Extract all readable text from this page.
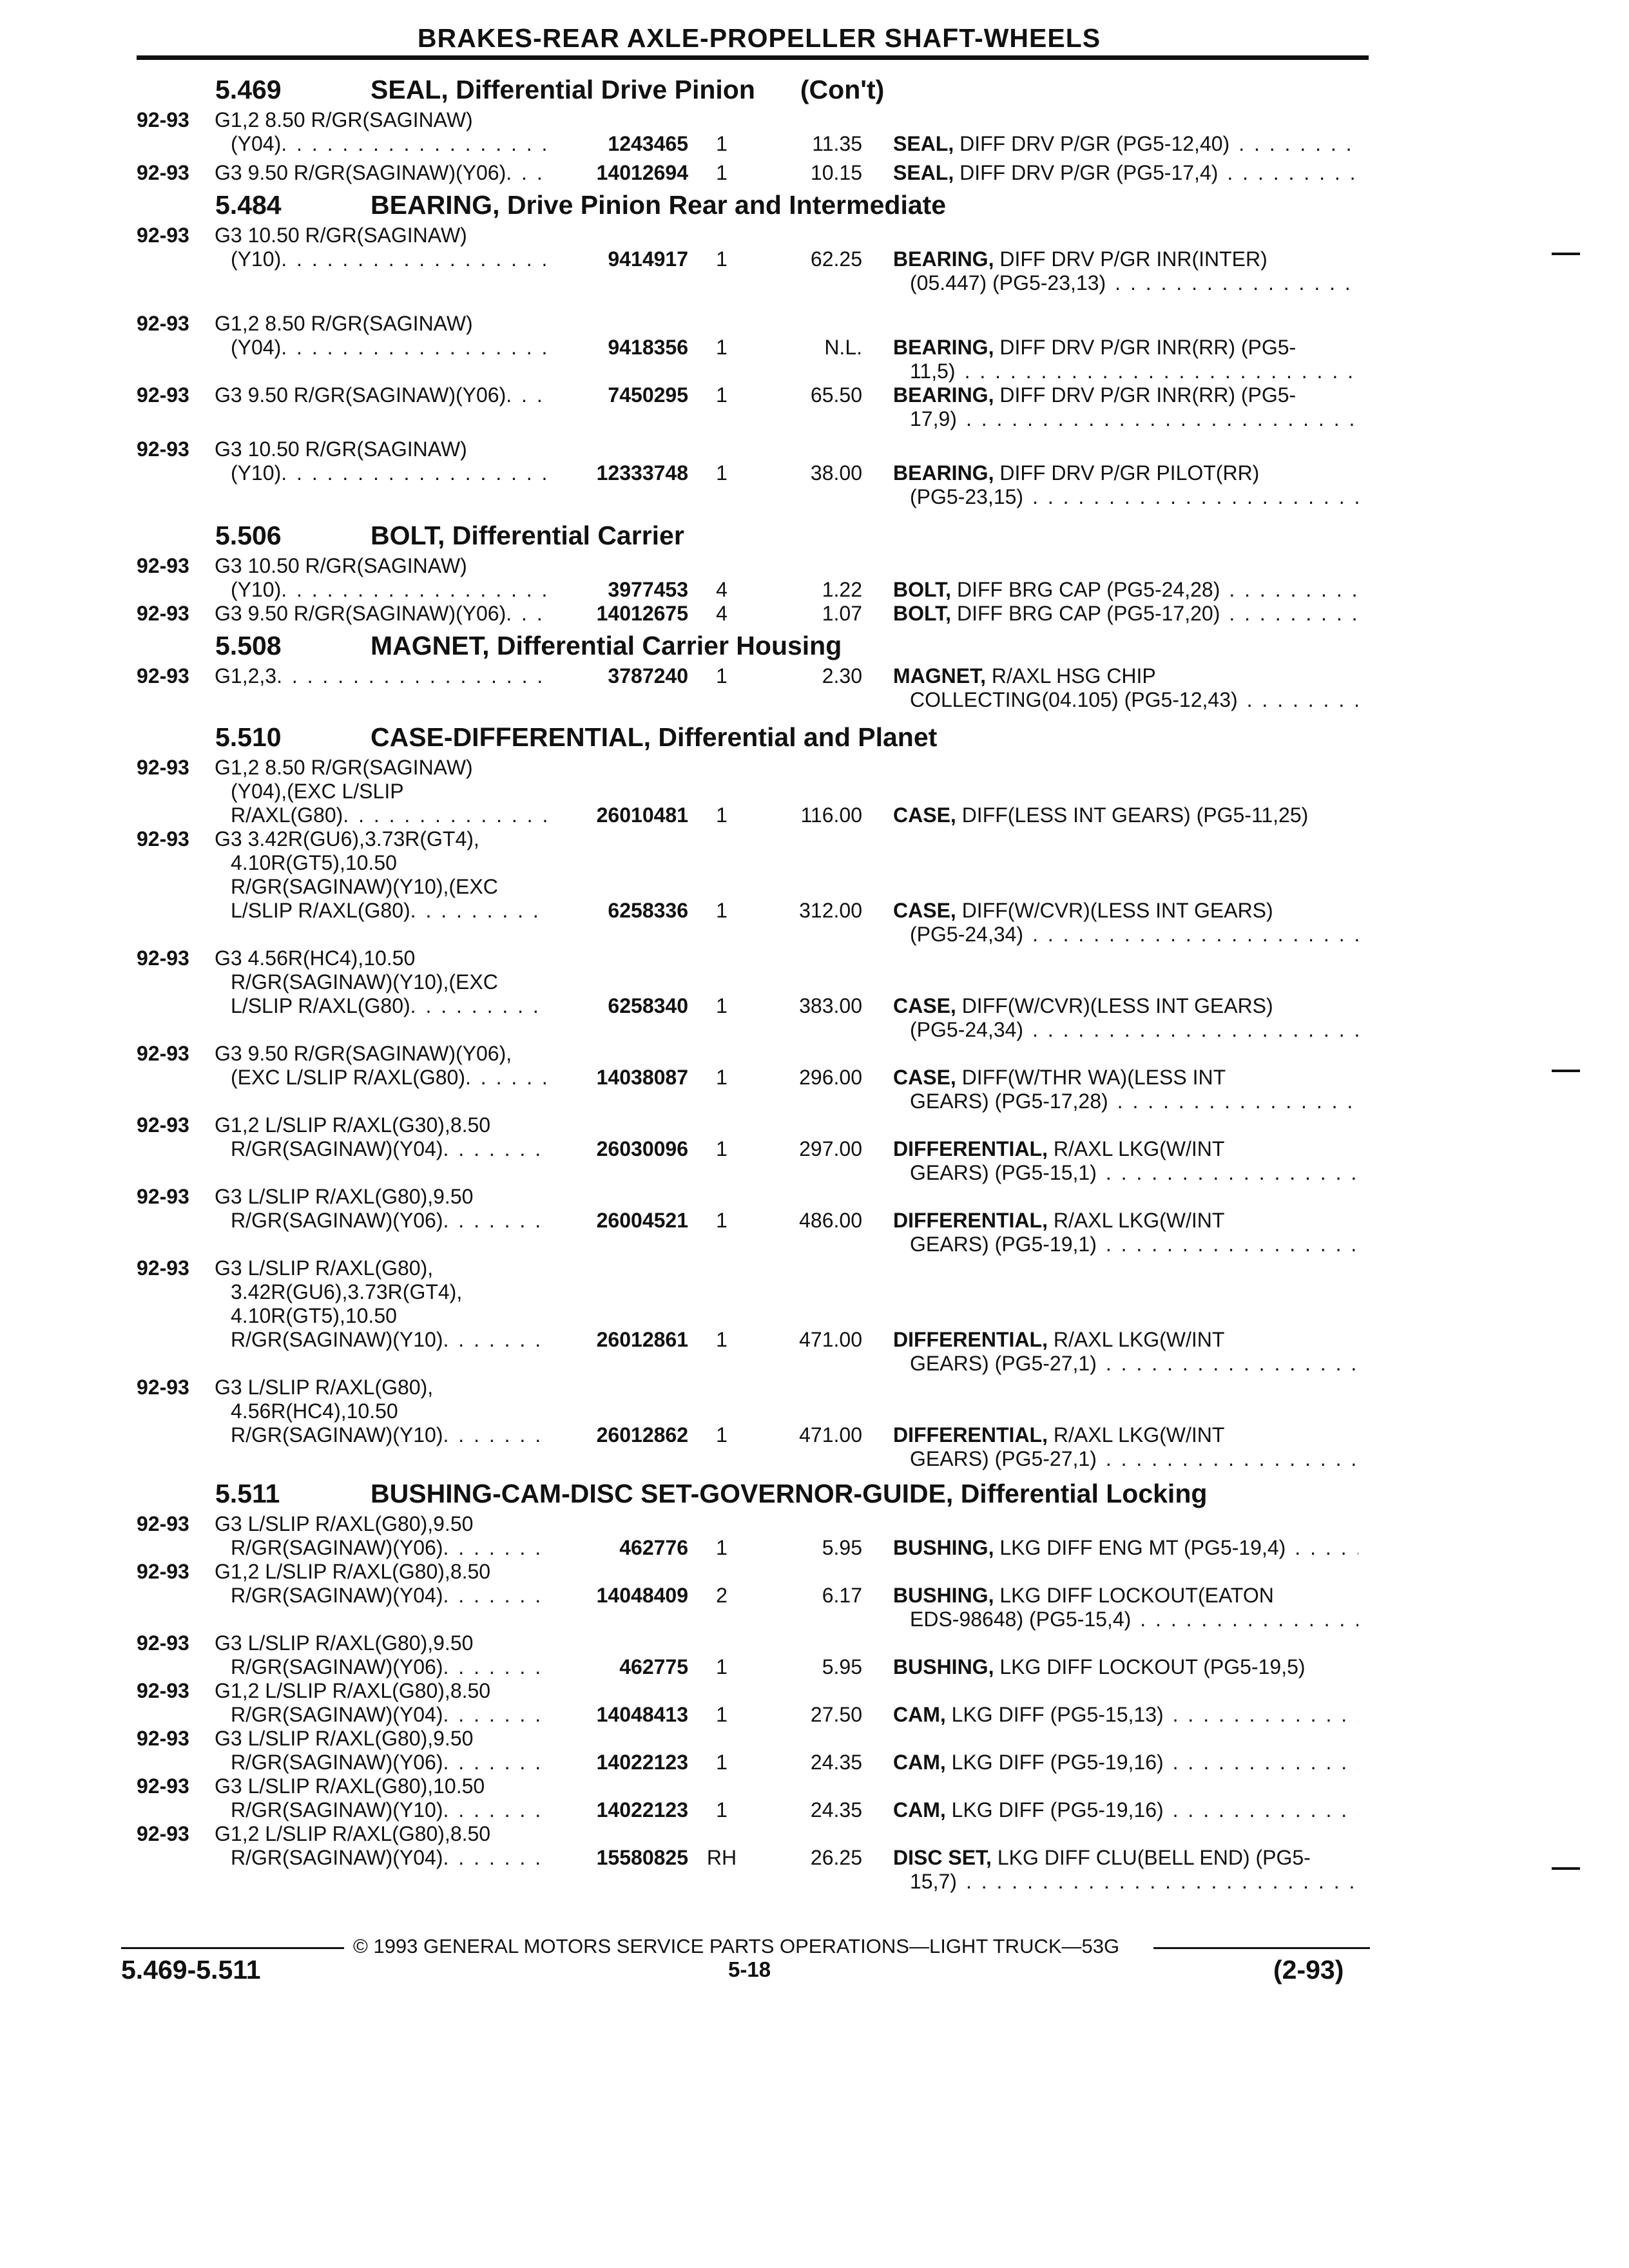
BRAKES-REAR AXLE-PROPELLER SHAFT-WHEELS
5.469	SEAL, Differential Drive Pinion (Con't)
92-93 G1,2 8.50 R/GR(SAGINAW)
(Y04) . . .	1243465	1	11.35 SEAL,
DIFF DRV P/GR (PG5-12,40)
. . .
92-93 G3 9.50 R/GR(SAGINAW)(Y06) . . .	14012694	1	10.15 SEAL,
DIFF DRV P/GR (PG5-17,4)
. . .
5.484	BEARING, Drive Pinion Rear and Intermediate
92-93 G3 10.50 R/GR(SAGINAW)
(Y10) . . .	9414917	1	62.25 BEARING,
DIFF DRV P/GR INR(INTER)
(05.447) (PG5-23,13)
. . .
92-93 G1,2 8.50 R/GR(SAGINAW)
(Y04) . . .	9418356	1	N.L. BEARING,
DIFF DRV P/GR INR(RR) (PG5-
11,5)
. . .
92-93 G3 9.50 R/GR(SAGINAW)(Y06) . . .	7450295	1	65.50 BEARING,
DIFF DRV P/GR INR(RR) (PG5-
17,9)
. . .
92-93 G3 10.50 R/GR(SAGINAW)
(Y10) . . .	12333748	1	38.00 BEARING,
DIFF DRV P/GR PILOT(RR)
(PG5-23,15)
. . .
5.506	BOLT, Differential Carrier
92-93 G3 10.50 R/GR(SAGINAW)
(Y10) . . .	3977453	4	1.22 BOLT,
DIFF BRG CAP (PG5-24,28)
. . .
92-93 G3 9.50 R/GR(SAGINAW)(Y06) . . .	14012675	4	1.07 BOLT,
DIFF BRG CAP (PG5-17,20)
. . .
5.508	MAGNET, Differential Carrier Housing
92-93 G1,2,3 . . .	3787240	1	2.30 MAGNET,
R/AXL HSG CHIP
COLLECTING(04.105) (PG5-12,43)
. . .
5.510	CASE-DIFFERENTIAL, Differential and Planet
92-93 G1,2 8.50 R/GR(SAGINAW)
(Y04),(EXC L/SLIP
R/AXL(G80) . . .	26010481	1	116.00 CASE,
DIFF(LESS INT GEARS) (PG5-11,25)
92-93 G3 3.42R(GU6),3.73R(GT4),
4.10R(GT5),10.50
R/GR(SAGINAW)(Y10),(EXC
L/SLIP R/AXL(G80) . . .	6258336	1	312.00 CASE,
DIFF(W/CVR)(LESS INT GEARS)
(PG5-24,34)
. . .
92-93 G3 4.56R(HC4),10.50
R/GR(SAGINAW)(Y10),(EXC
L/SLIP R/AXL(G80) . . .	6258340	1	383.00 CASE,
DIFF(W/CVR)(LESS INT GEARS)
(PG5-24,34)
. . .
92-93 G3 9.50 R/GR(SAGINAW)(Y06),
(EXC L/SLIP R/AXL(G80) . . .	14038087	1	296.00 CASE,
DIFF(W/THR WA)(LESS INT
GEARS) (PG5-17,28)
. . .
92-93 G1,2 L/SLIP R/AXL(G30),8.50
R/GR(SAGINAW)(Y04) . . .	26030096	1	297.00 DIFFERENTIAL,
R/AXL LKG(W/INT
GEARS) (PG5-15,1)
. . .
92-93 G3 L/SLIP R/AXL(G80),9.50
R/GR(SAGINAW)(Y06) . . .	26004521	1	486.00 DIFFERENTIAL,
R/AXL LKG(W/INT
GEARS) (PG5-19,1)
. . .
92-93 G3 L/SLIP R/AXL(G80),
3.42R(GU6),3.73R(GT4),
4.10R(GT5),10.50
R/GR(SAGINAW)(Y10) . . .	26012861	1	471.00 DIFFERENTIAL,
R/AXL LKG(W/INT
GEARS) (PG5-27,1)
. . .
92-93 G3 L/SLIP R/AXL(G80),
4.56R(HC4),10.50
R/GR(SAGINAW)(Y10) . . .	26012862	1	471.00 DIFFERENTIAL,
R/AXL LKG(W/INT
GEARS) (PG5-27,1)
. . .
5.511	BUSHING-CAM-DISC SET-GOVERNOR-GUIDE, Differential Locking
92-93 G3 L/SLIP R/AXL(G80),9.50
R/GR(SAGINAW)(Y06) . . .	462776	1	5.95 BUSHING,
LKG DIFF ENG MT (PG5-19,4)
. . .
92-93 G1,2 L/SLIP R/AXL(G80),8.50
R/GR(SAGINAW)(Y04) . . .	14048409	2	6.17 BUSHING,
LKG DIFF LOCKOUT(EATON
EDS-98648) (PG5-15,4)
. . .
92-93 G3 L/SLIP R/AXL(G80),9.50
R/GR(SAGINAW)(Y06) . . .	462775	1	5.95 BUSHING,
LKG DIFF LOCKOUT (PG5-19,5)
92-93 G1,2 L/SLIP R/AXL(G80),8.50
R/GR(SAGINAW)(Y04) . . .	14048413	1	27.50 CAM,
LKG DIFF (PG5-15,13)
. . .
92-93 G3 L/SLIP R/AXL(G80),9.50
R/GR(SAGINAW)(Y06) . . .	14022123	1	24.35 CAM,
LKG DIFF (PG5-19,16)
. . .
92-93 G3 L/SLIP R/AXL(G80),10.50
R/GR(SAGINAW)(Y10) . . .	14022123	1	24.35 CAM,
LKG DIFF (PG5-19,16)
. . .
92-93 G1,2 L/SLIP R/AXL(G80),8.50
R/GR(SAGINAW)(Y04) . . .	15580825 RH	26.25 DISC SET,
LKG DIFF CLU(BELL END) (PG5-
15,7)
. . .
© 1993 GENERAL MOTORS SERVICE PARTS OPERATIONS—LIGHT TRUCK—53G
5.469-5.511	5-18	(2-93)
